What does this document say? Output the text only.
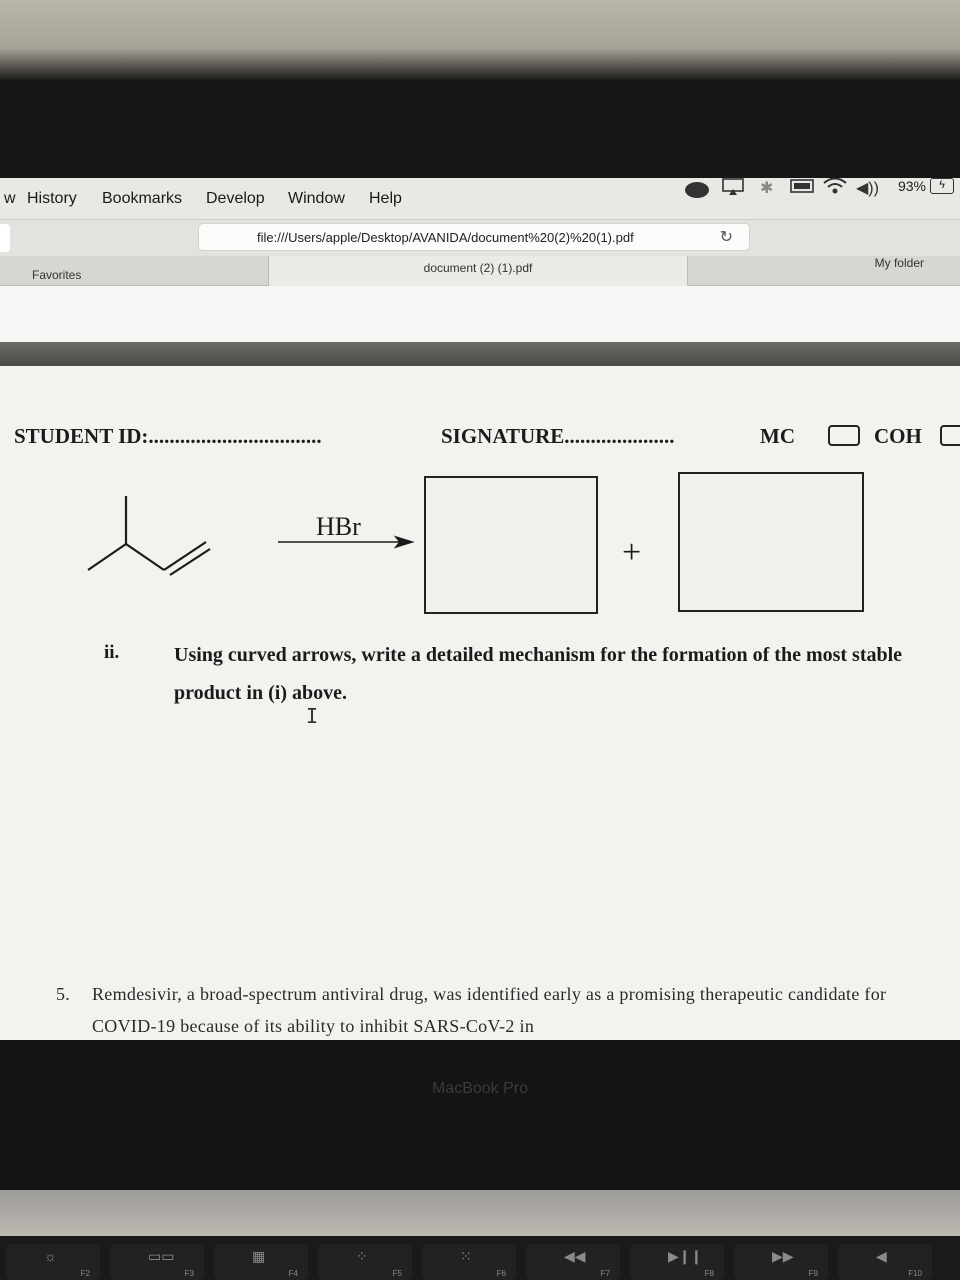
w History Bookmarks Develop Window Help
✱	◀)) 93%	ϟ
file:///Users/apple/Desktop/AVANIDA/document%20(2)%20(1).pdf	↻
Favorites	document (2) (1).pdf	My folder
STUDENT ID:.................................	SIGNATURE.....................	MC	COH
HBr
+
ii.	Using curved arrows, write a detailed mechanism for the formation of the most stable product in (i) above.
I
5. Remdesivir, a broad-spectrum antiviral drug, was identified early as a promising therapeutic candidate for COVID-19 because of its ability to inhibit SARS-CoV-2 in
MacBook Pro
☼
F2
▭▭
F3
▦
F4
⁘
F5
⁙
F6
◀◀
F7
▶❙❙
F8
▶▶
F9
◀
F10
